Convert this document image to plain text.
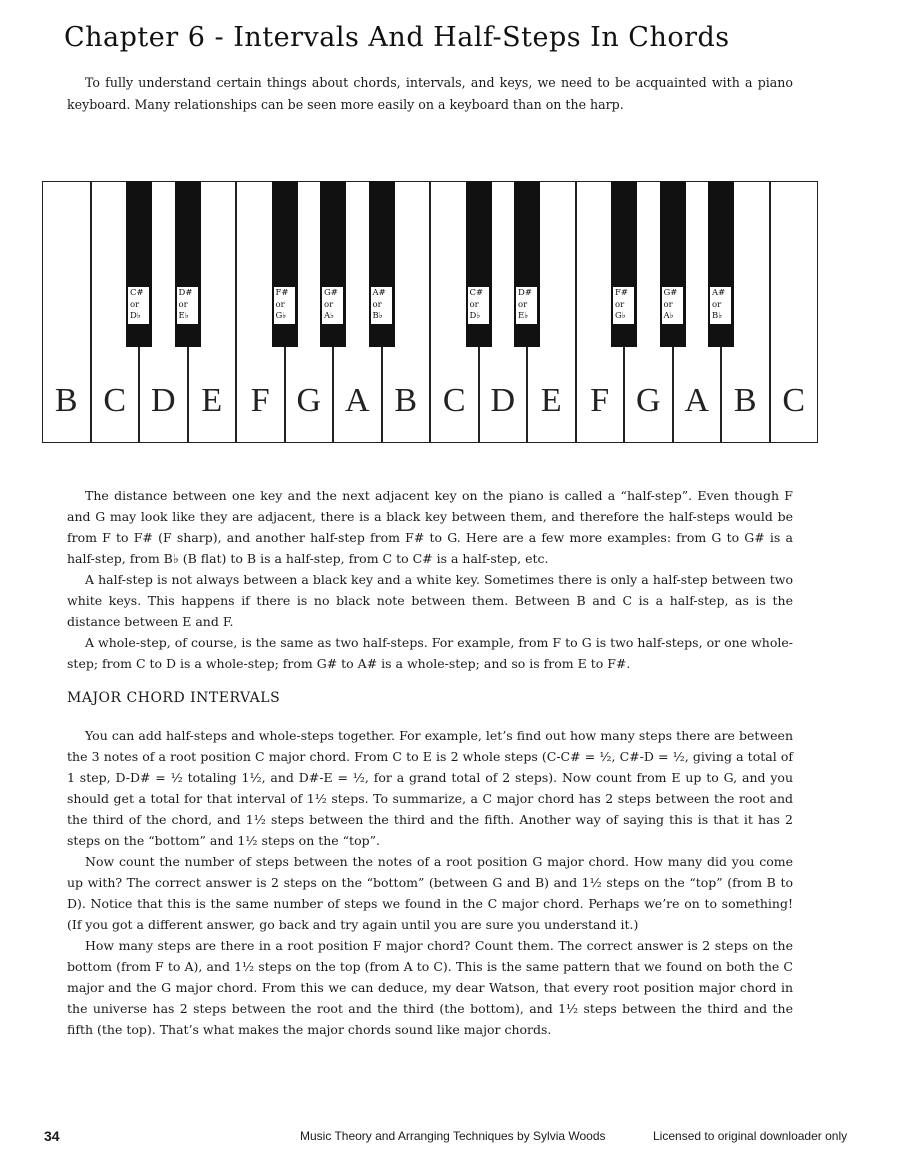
Chapter 6 - Intervals And Half-Steps In Chords

To fully understand certain things about chords, intervals, and keys, we need to be acquainted with a piano keyboard. Many relationships can be seen more easily on a keyboard than on the harp.

B C D E F G A B C D E F G A B C
C#
or
D♭
D#
or
E♭
F#
or
G♭
G#
or
A♭
A#
or
B♭
C#
or
D♭
D#
or
E♭
F#
or
G♭
G#
or
A♭
A#
or
B♭

The distance between one key and the next adjacent key on the piano is called a “half-step”. Even though F and G may look like they are adjacent, there is a black key between them, and therefore the half-steps would be from F to F# (F sharp), and another half-step from F# to G. Here are a few more examples: from G to G# is a half-step, from B♭ (B flat) to B is a half-step, from C to C# is a half-step, etc.

A half-step is not always between a black key and a white key. Sometimes there is only a half-step between two white keys. This happens if there is no black note between them. Between B and C is a half-step, as is the distance between E and F.

A whole-step, of course, is the same as two half-steps. For example, from F to G is two half-steps, or one whole-step; from C to D is a whole-step; from G# to A# is a whole-step; and so is from E to F#.

MAJOR CHORD INTERVALS

You can add half-steps and whole-steps together. For example, let’s find out how many steps there are between the 3 notes of a root position C major chord. From C to E is 2 whole steps (C-C# = ½, C#-D = ½, giving a total of 1 step, D-D# = ½ totaling 1½, and D#-E = ½, for a grand total of 2 steps). Now count from E up to G, and you should get a total for that interval of 1½ steps. To summarize, a C major chord has 2 steps between the root and the third of the chord, and 1½ steps between the third and the fifth. Another way of saying this is that it has 2 steps on the “bottom” and 1½ steps on the “top”.

Now count the number of steps between the notes of a root position G major chord. How many did you come up with? The correct answer is 2 steps on the “bottom” (between G and B) and 1½ steps on the “top” (from B to D). Notice that this is the same number of steps we found in the C major chord. Perhaps we’re on to something! (If you got a different answer, go back and try again until you are sure you understand it.)

How many steps are there in a root position F major chord? Count them. The correct answer is 2 steps on the bottom (from F to A), and 1½ steps on the top (from A to C). This is the same pattern that we found on both the C major and the G major chord. From this we can deduce, my dear Watson, that every root position major chord in the universe has 2 steps between the root and the third (the bottom), and 1½ steps between the third and the fifth (the top). That’s what makes the major chords sound like major chords.

34	Music Theory and Arranging Techniques by Sylvia Woods	Licensed to original downloader only
